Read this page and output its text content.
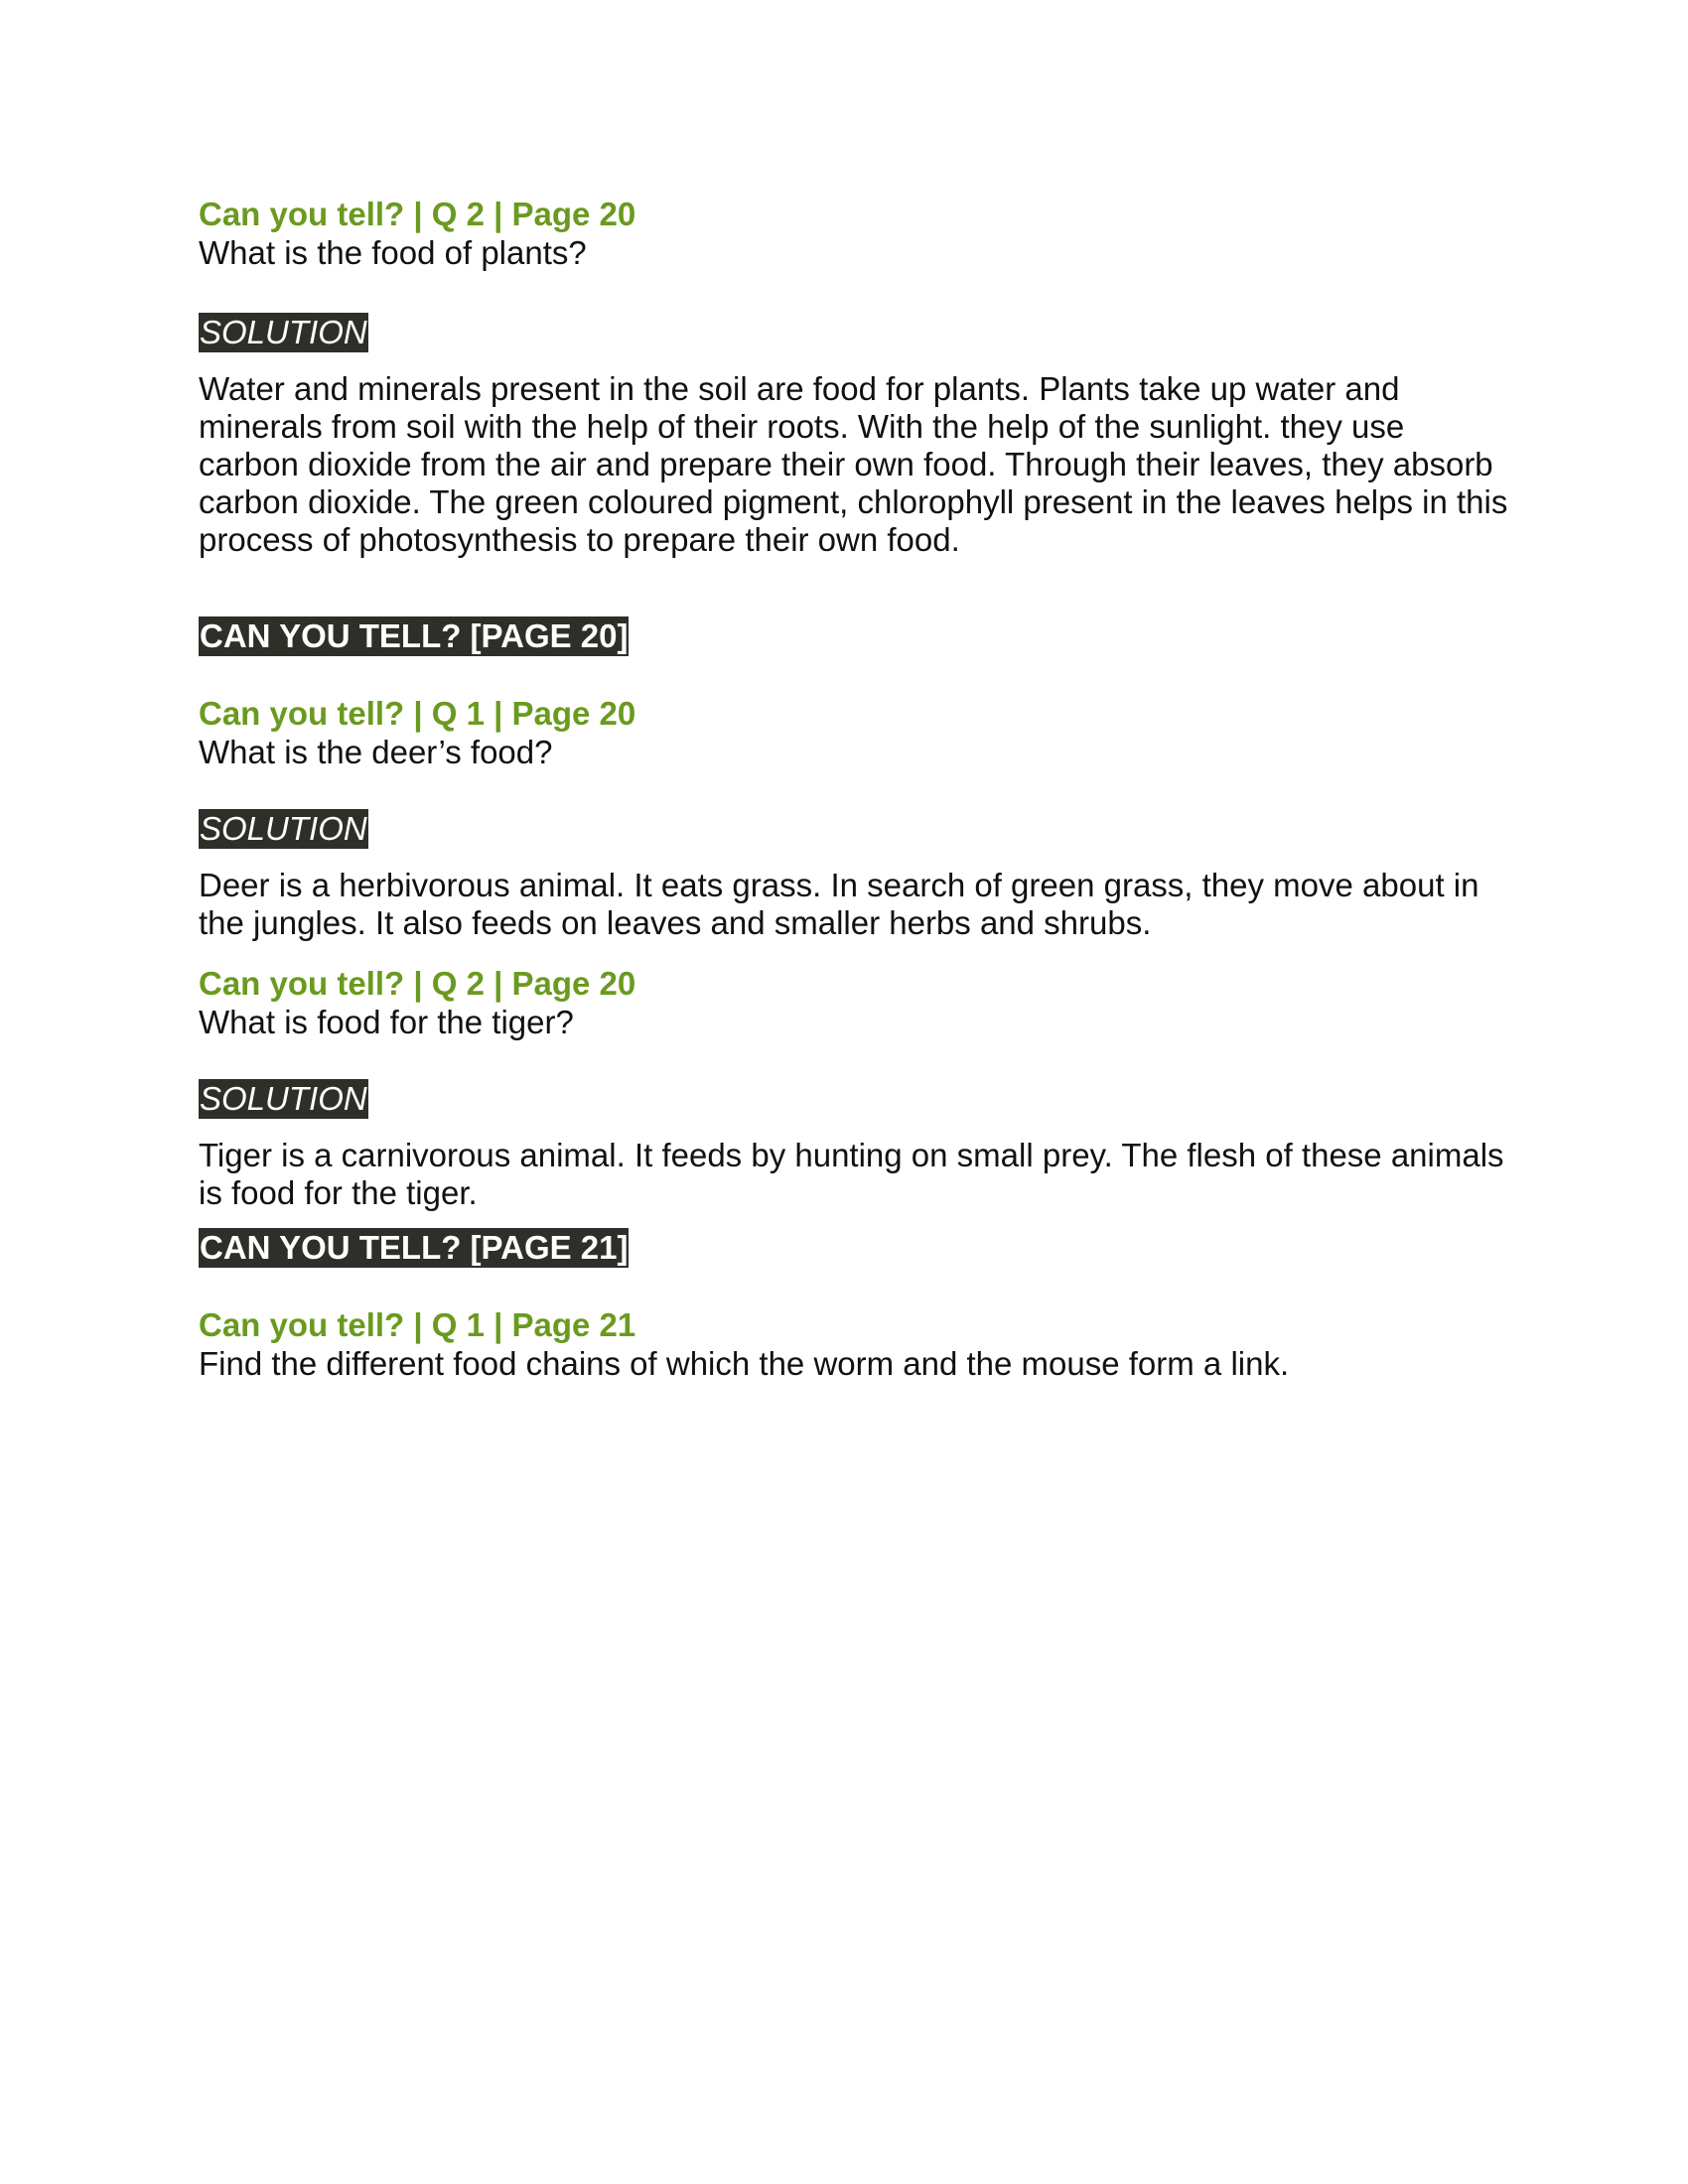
Can you tell? | Q 2 | Page 20

What is the food of plants?

SOLUTION

Water and minerals present in the soil are food for plants. Plants take up water and minerals from soil with the help of their roots. With the help of the sunlight. they use carbon dioxide from the air and prepare their own food. Through their leaves, they absorb carbon dioxide. The green coloured pigment, chlorophyll present in the leaves helps in this process of photosynthesis to prepare their own food.

CAN YOU TELL? [PAGE 20]

Can you tell? | Q 1 | Page 20

What is the deer’s food?

SOLUTION

Deer is a herbivorous animal. It eats grass. In search of green grass, they move about in the jungles. It also feeds on leaves and smaller herbs and shrubs.

Can you tell? | Q 2 | Page 20

What is food for the tiger?

SOLUTION

Tiger is a carnivorous animal. It feeds by hunting on small prey. The flesh of these animals is food for the tiger.

CAN YOU TELL? [PAGE 21]

Can you tell? | Q 1 | Page 21

Find the different food chains of which the worm and the mouse form a link.
